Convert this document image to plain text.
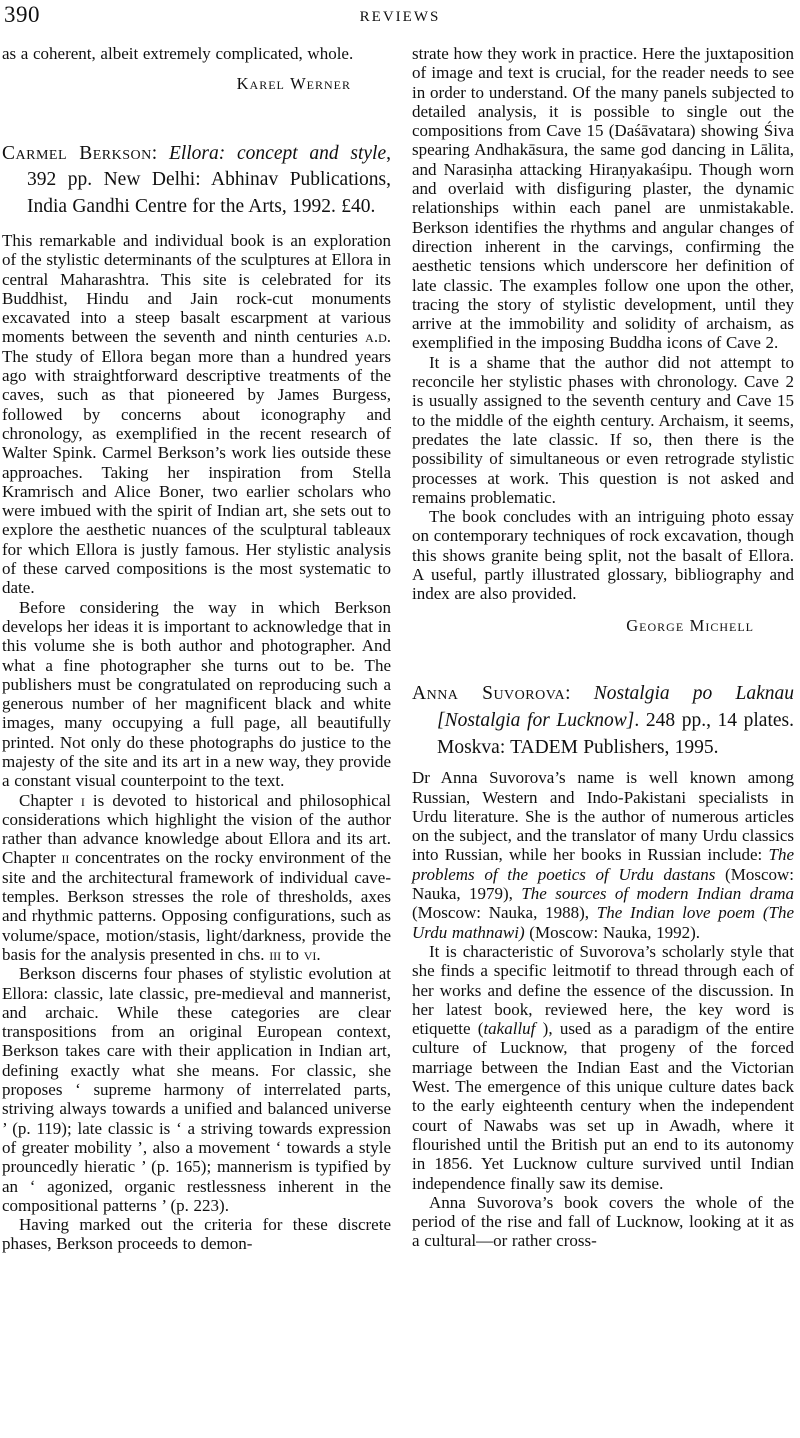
390	REVIEWS

as a coherent, albeit extremely complicated, whole.

Karel Werner

Carmel Berkson: Ellora: concept and style, 392 pp. New Delhi: Abhinav Publications, India Gandhi Centre for the Arts, 1992. £40.

This remarkable and individual book is an exploration of the stylistic determinants of the sculptures at Ellora in central Maharashtra. This site is celebrated for its Buddhist, Hindu and Jain rock-cut monuments excavated into a steep basalt escarpment at various moments between the seventh and ninth centuries a.d. The study of Ellora began more than a hundred years ago with straightforward descriptive treatments of the caves, such as that pioneered by James Burgess, followed by concerns about iconography and chronology, as exemplified in the recent research of Walter Spink. Carmel Berkson’s work lies outside these approaches. Taking her inspiration from Stella Kramrisch and Alice Boner, two earlier scholars who were imbued with the spirit of Indian art, she sets out to explore the aesthetic nuances of the sculptural tableaux for which Ellora is justly famous. Her stylistic analysis of these carved compositions is the most systematic to date.

Before considering the way in which Berkson develops her ideas it is important to acknowledge that in this volume she is both author and photographer. And what a fine photographer she turns out to be. The publishers must be congratulated on reproducing such a generous number of her magnificent black and white images, many occupying a full page, all beautifully printed. Not only do these photographs do justice to the majesty of the site and its art in a new way, they provide a constant visual counterpoint to the text.

Chapter i is devoted to historical and philosophical considerations which highlight the vision of the author rather than advance knowledge about Ellora and its art. Chapter ii concentrates on the rocky environment of the site and the architectural framework of individual cave-temples. Berkson stresses the role of thresholds, axes and rhythmic patterns. Opposing configurations, such as volume/space, motion/stasis, light/darkness, provide the basis for the analysis presented in chs. iii to vi.

Berkson discerns four phases of stylistic evolution at Ellora: classic, late classic, pre-medieval and mannerist, and archaic. While these categories are clear transpositions from an original European context, Berkson takes care with their application in Indian art, defining exactly what she means. For classic, she proposes ‘ supreme harmony of interrelated parts, striving always towards a unified and balanced universe ’ (p. 119); late classic is ‘ a striving towards expression of greater mobility ’, also a movement ‘ towards a style prouncedly hieratic ’ (p. 165); mannerism is typified by an ‘ agonized, organic restlessness inherent in the compositional patterns ’ (p. 223).

Having marked out the criteria for these discrete phases, Berkson proceeds to demon-

strate how they work in practice. Here the juxtaposition of image and text is crucial, for the reader needs to see in order to understand. Of the many panels subjected to detailed analysis, it is possible to single out the compositions from Cave 15 (Daśāvatara) showing Śiva spearing Andhakāsura, the same god dancing in Lālita, and Narasiṇha attacking Hiraṇyakaśipu. Though worn and overlaid with disfiguring plaster, the dynamic relationships within each panel are unmistakable. Berkson identifies the rhythms and angular changes of direction inherent in the carvings, confirming the aesthetic tensions which underscore her definition of late classic. The examples follow one upon the other, tracing the story of stylistic development, until they arrive at the immobility and solidity of archaism, as exemplified in the imposing Buddha icons of Cave 2.

It is a shame that the author did not attempt to reconcile her stylistic phases with chronology. Cave 2 is usually assigned to the seventh century and Cave 15 to the middle of the eighth century. Archaism, it seems, predates the late classic. If so, then there is the possibility of simultaneous or even retrograde stylistic processes at work. This question is not asked and remains problematic.

The book concludes with an intriguing photo essay on contemporary techniques of rock excavation, though this shows granite being split, not the basalt of Ellora. A useful, partly illustrated glossary, bibliography and index are also provided.

George Michell

Anna Suvorova: Nostalgia po Laknau [Nostalgia for Lucknow]. 248 pp., 14 plates. Moskva: TADEM Publishers, 1995.

Dr Anna Suvorova’s name is well known among Russian, Western and Indo-Pakistani specialists in Urdu literature. She is the author of numerous articles on the subject, and the translator of many Urdu classics into Russian, while her books in Russian include: The problems of the poetics of Urdu dastans (Moscow: Nauka, 1979), The sources of modern Indian drama (Moscow: Nauka, 1988), The Indian love poem (The Urdu mathnawi) (Moscow: Nauka, 1992).

It is characteristic of Suvorova’s scholarly style that she finds a specific leitmotif to thread through each of her works and define the essence of the discussion. In her latest book, reviewed here, the key word is etiquette (takalluf ), used as a paradigm of the entire culture of Lucknow, that progeny of the forced marriage between the Indian East and the Victorian West. The emergence of this unique culture dates back to the early eighteenth century when the independent court of Nawabs was set up in Awadh, where it flourished until the British put an end to its autonomy in 1856. Yet Lucknow culture survived until Indian independence finally saw its demise.

Anna Suvorova’s book covers the whole of the period of the rise and fall of Lucknow, looking at it as a cultural—or rather cross-
